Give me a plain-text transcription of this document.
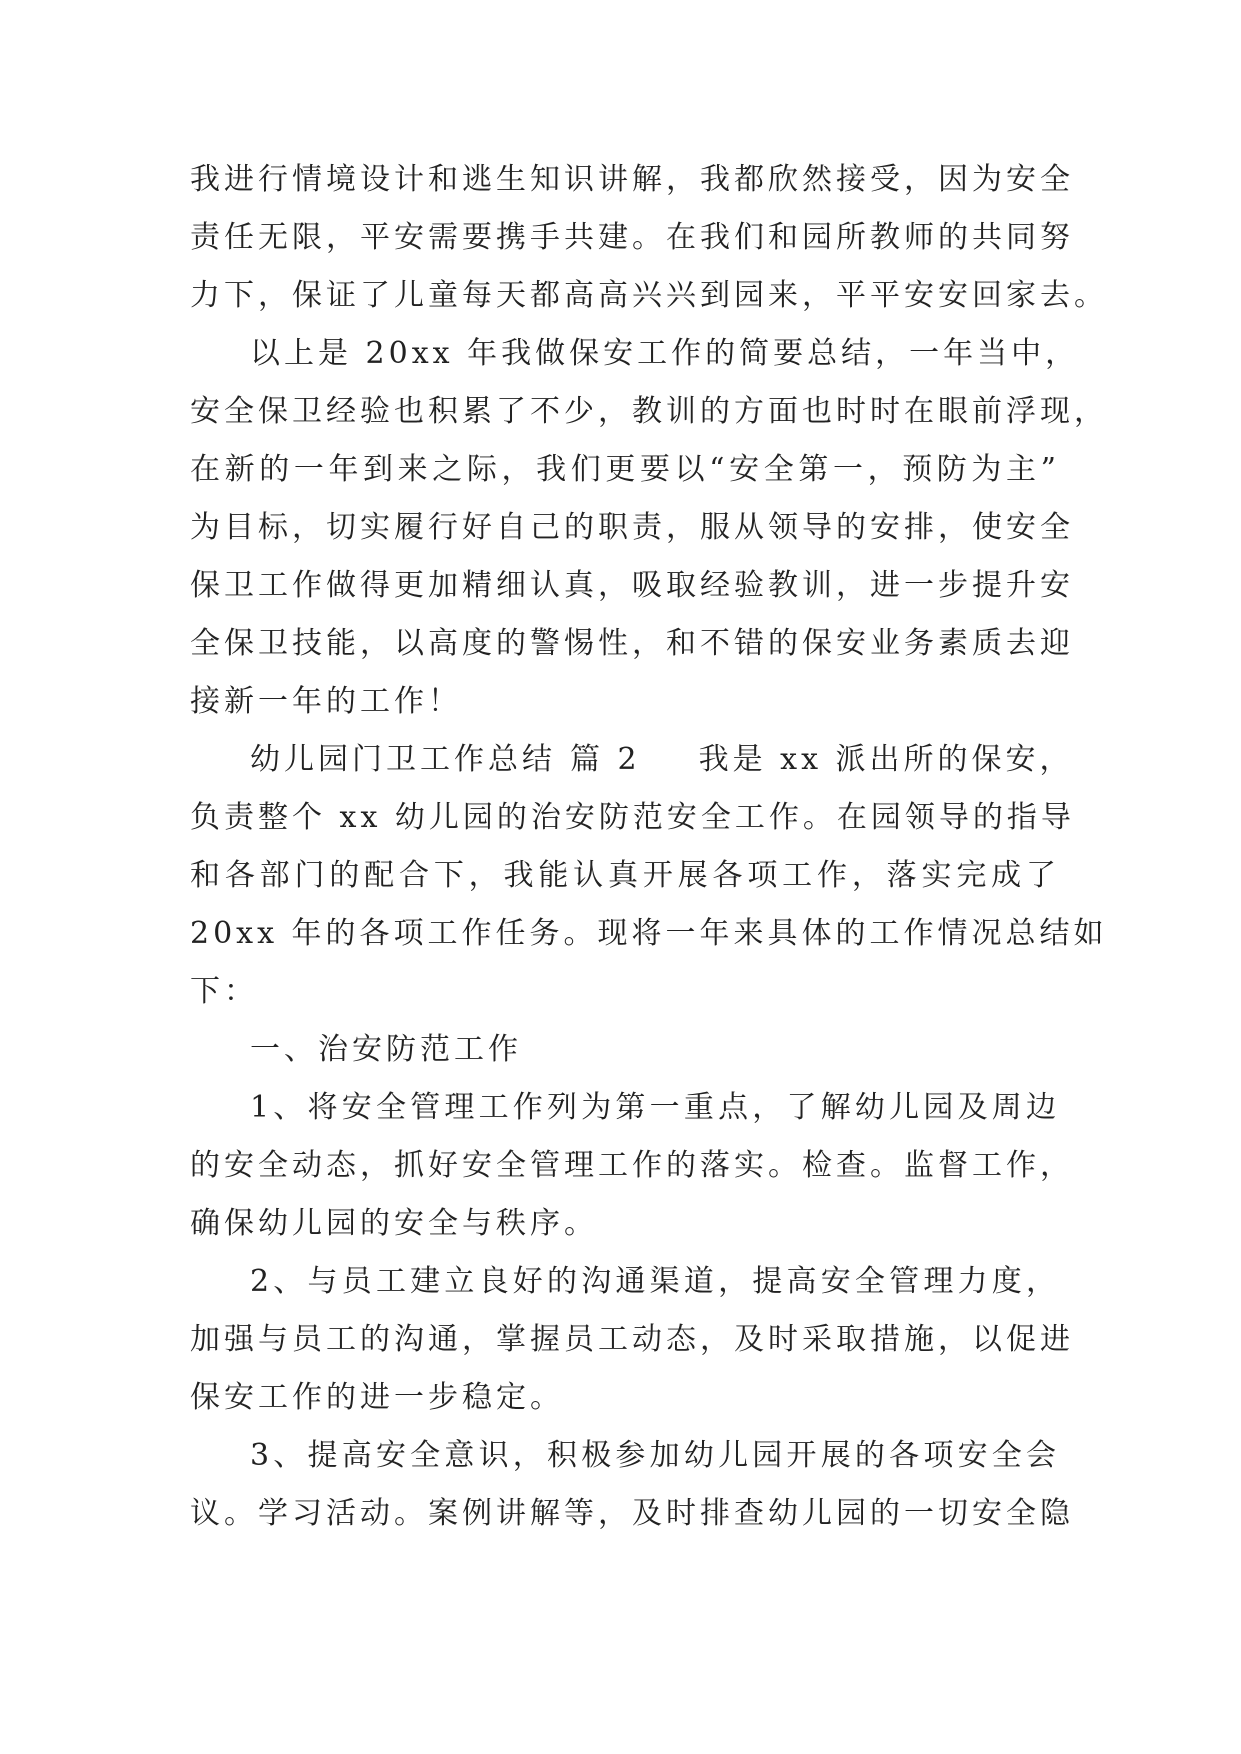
我进行情境设计和逃生知识讲解，我都欣然接受，因为安全
责任无限，平安需要携手共建。在我们和园所教师的共同努
力下，保证了儿童每天都高高兴兴到园来，平平安安回家去。
以上是 20xx 年我做保安工作的简要总结，一年当中，
安全保卫经验也积累了不少，教训的方面也时时在眼前浮现，
在新的一年到来之际，我们更要以“安全第一，预防为主”
为目标，切实履行好自己的职责，服从领导的安排，使安全
保卫工作做得更加精细认真，吸取经验教训，进一步提升安
全保卫技能，以高度的警惕性，和不错的保安业务素质去迎
接新一年的工作！
幼儿园门卫工作总结 篇 2 我是 xx 派出所的保安，
负责整个 xx 幼儿园的治安防范安全工作。在园领导的指导
和各部门的配合下，我能认真开展各项工作，落实完成了
20xx 年的各项工作任务。现将一年来具体的工作情况总结如
下：
一、治安防范工作
1、将安全管理工作列为第一重点，了解幼儿园及周边
的安全动态，抓好安全管理工作的落实。检查。监督工作，
确保幼儿园的安全与秩序。
2、与员工建立良好的沟通渠道，提高安全管理力度，
加强与员工的沟通，掌握员工动态，及时采取措施，以促进
保安工作的进一步稳定。
3、提高安全意识，积极参加幼儿园开展的各项安全会
议。学习活动。案例讲解等，及时排查幼儿园的一切安全隐
